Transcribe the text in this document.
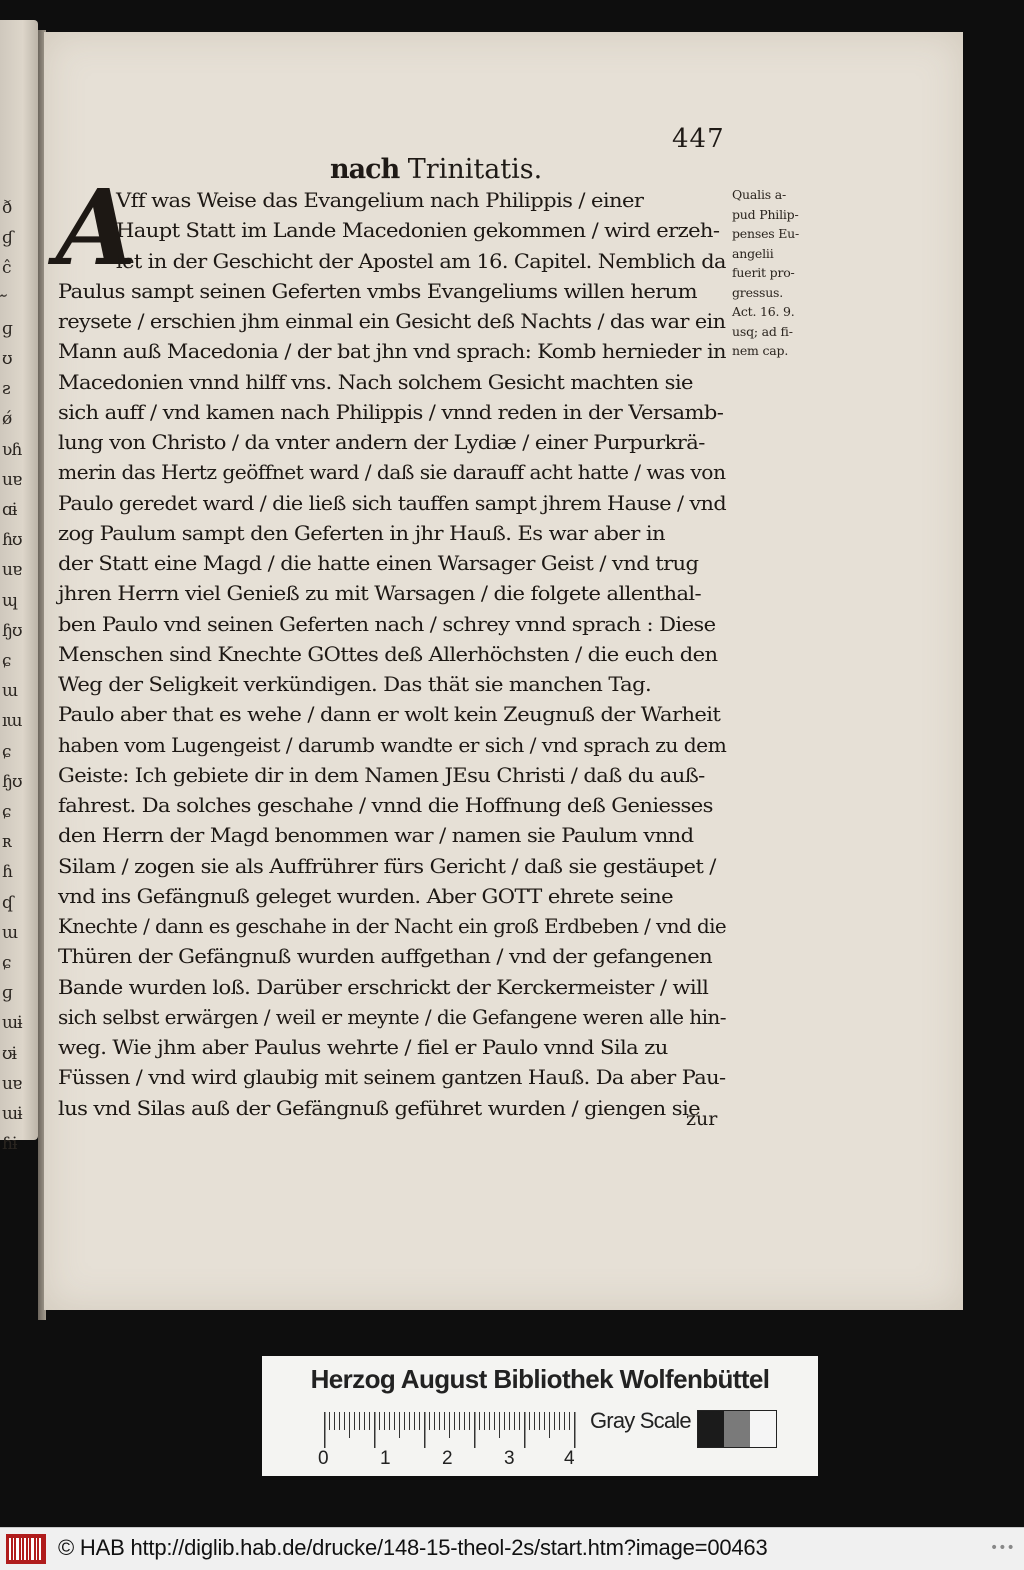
ð
ɠ
ĉ
ɡ
ʊ
ƨ
ǿ
ʋɦ
uɐ
ɑɨ
ɦʊ
uɐ
ɰ
ɧʊ
ɕ
ɯ
ıɯ
ɕ
ɧʊ
ɕ
ʀ
ɦ
ʠ
ɯ
ɕ
ɡ
ɯɨ
ʊɨ
uɐ
ɯɨ
ɦɨ
nach Trinitatis.
447
A
Vff was Weise das Evangelium nach Philippis / einer
Haupt Statt im Lande Macedonien gekommen / wird erzeh-
let in der Geschicht der Apostel am 16. Capitel. Nemblich da
Paulus sampt seinen Geferten vmbs Evangeliums willen herum
reysete / erschien jhm einmal ein Gesicht deß Nachts / das war ein
Mann auß Macedonia / der bat jhn vnd sprach: Komb hernieder in
Macedonien vnnd hilff vns. Nach solchem Gesicht machten sie
sich auff / vnd kamen nach Philippis / vnnd reden in der Versamb-
lung von Christo / da vnter andern der Lydiæ / einer Purpurkrä-
merin das Hertz geöffnet ward / daß sie darauff acht hatte / was von
Paulo geredet ward / die ließ sich tauffen sampt jhrem Hause / vnd
zog Paulum sampt den Geferten in jhr Hauß. Es war aber in
der Statt eine Magd / die hatte einen Warsager Geist / vnd trug
jhren Herrn viel Genieß zu mit Warsagen / die folgete allenthal-
ben Paulo vnd seinen Geferten nach / schrey vnnd sprach : Diese
Menschen sind Knechte GOttes deß Allerhöchsten / die euch den
Weg der Seligkeit verkündigen. Das thät sie manchen Tag.
Paulo aber that es wehe / dann er wolt kein Zeugnuß der Warheit
haben vom Lugengeist / darumb wandte er sich / vnd sprach zu dem
Geiste: Ich gebiete dir in dem Namen JEsu Christi / daß du auß-
fahrest. Da solches geschahe / vnnd die Hoffnung deß Geniesses
den Herrn der Magd benommen war / namen sie Paulum vnnd
Silam / zogen sie als Auffrührer fürs Gericht / daß sie gestäupet /
vnd ins Gefängnuß geleget wurden. Aber GOTT ehrete seine
Knechte / dann es geschahe in der Nacht ein groß Erdbeben / vnd die
Thüren der Gefängnuß wurden auffgethan / vnd der gefangenen
Bande wurden loß. Darüber erschrickt der Kerckermeister / will
sich selbst erwärgen / weil er meynte / die Gefangene weren alle hin-
weg. Wie jhm aber Paulus wehrte / fiel er Paulo vnnd Sila zu
Füssen / vnd wird glaubig mit seinem gantzen Hauß. Da aber Pau-
lus vnd Silas auß der Gefängnuß geführet wurden / giengen sie
zur
Qualis a-
pud Philip-
penses Eu-
angelii
fuerit pro-
gressus.
Act. 16. 9.
usq; ad fi-
nem cap.
Herzog August Bibliothek Wolfenbüttel
0	1	2	3	4
Gray Scale
© HAB http://diglib.hab.de/drucke/148-15-theol-2s/start.htm?image=00463	•••
